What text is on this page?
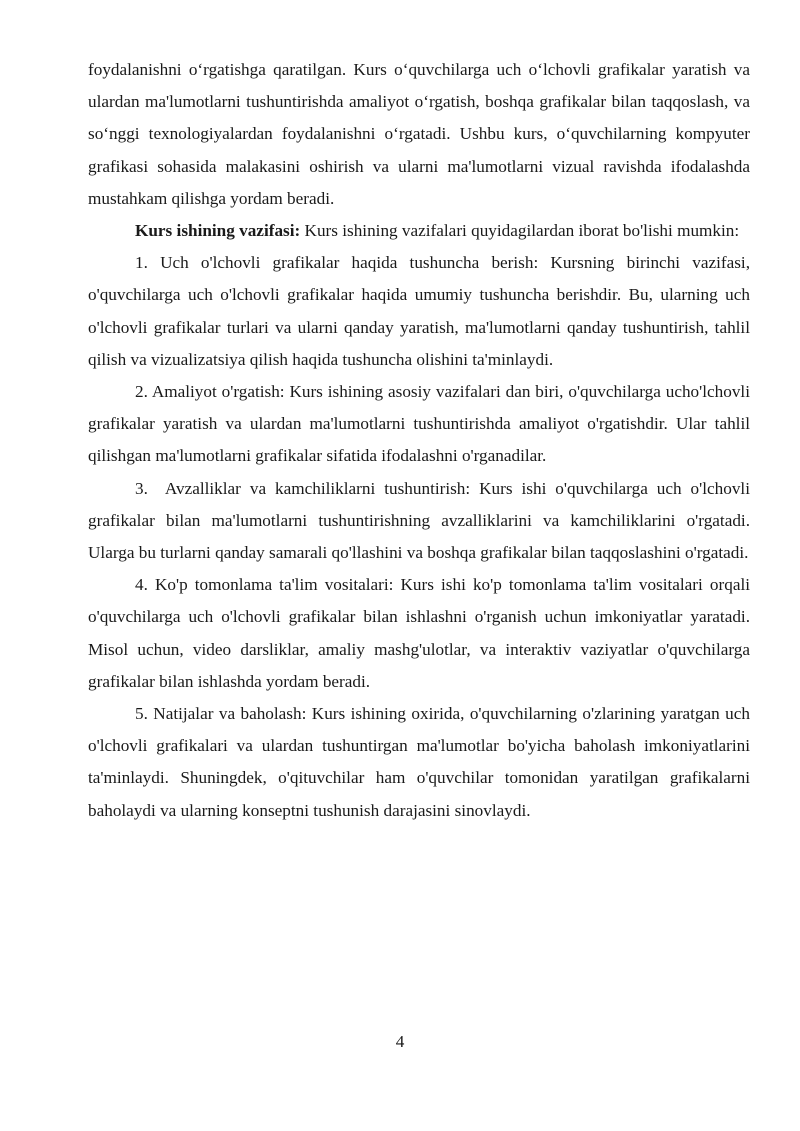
foydalanishni o‘rgatishga qaratilgan. Kurs o‘quvchilarga uch o‘lchovli grafikalar yaratish va ulardan ma'lumotlarni tushuntirishda amaliyot o‘rgatish, boshqa grafikalar bilan taqqoslash, va so‘nggi texnologiyalardan foydalanishni o‘rgatadi. Ushbu kurs, o‘quvchilarning kompyuter grafikasi sohasida malakasini oshirish va ularni ma'lumotlarni vizual ravishda ifodalashda mustahkam qilishga yordam beradi.

Kurs ishining vazifasi: Kurs ishining vazifalari quyidagilardan iborat bo'lishi mumkin:

1. Uch o'lchovli grafikalar haqida tushuncha berish: Kursning birinchi vazifasi, o'quvchilarga uch o'lchovli grafikalar haqida umumiy tushuncha berishdir. Bu, ularning uch o'lchovli grafikalar turlari va ularni qanday yaratish, ma'lumotlarni qanday tushuntirish, tahlil qilish va vizualizatsiya qilish haqida tushuncha olishini ta'minlaydi.

2. Amaliyot o'rgatish: Kurs ishining asosiy vazifalari dan biri, o'quvchilarga ucho'lchovli grafikalar yaratish va ulardan ma'lumotlarni tushuntirishda amaliyot o'rgatishdir. Ular tahlil qilishgan ma'lumotlarni grafikalar sifatida ifodalashni o'rganadilar.

3.  Avzalliklar va kamchiliklarni tushuntirish: Kurs ishi o'quvchilarga uch o'lchovli grafikalar bilan ma'lumotlarni tushuntirishning avzalliklarini va kamchiliklarini o'rgatadi. Ularga bu turlarni qanday samarali qo'llashini va boshqa grafikalar bilan taqqoslashini o'rgatadi.

4. Ko'p tomonlama ta'lim vositalari: Kurs ishi ko'p tomonlama ta'lim vositalari orqali o'quvchilarga uch o'lchovli grafikalar bilan ishlashni o'rganish uchun imkoniyatlar yaratadi. Misol uchun, video darsliklar, amaliy mashg'ulotlar, va interaktiv vaziyatlar o'quvchilarga grafikalar bilan ishlashda yordam beradi.

5. Natijalar va baholash: Kurs ishining oxirida, o'quvchilarning o'zlarining yaratgan uch o'lchovli grafikalari va ulardan tushuntirgan ma'lumotlar bo'yicha baholash imkoniyatlarini ta'minlaydi. Shuningdek, o'qituvchilar ham o'quvchilar tomonidan yaratilgan grafikalarni baholaydi va ularning konseptni tushunish darajasini sinovlaydi.

4
